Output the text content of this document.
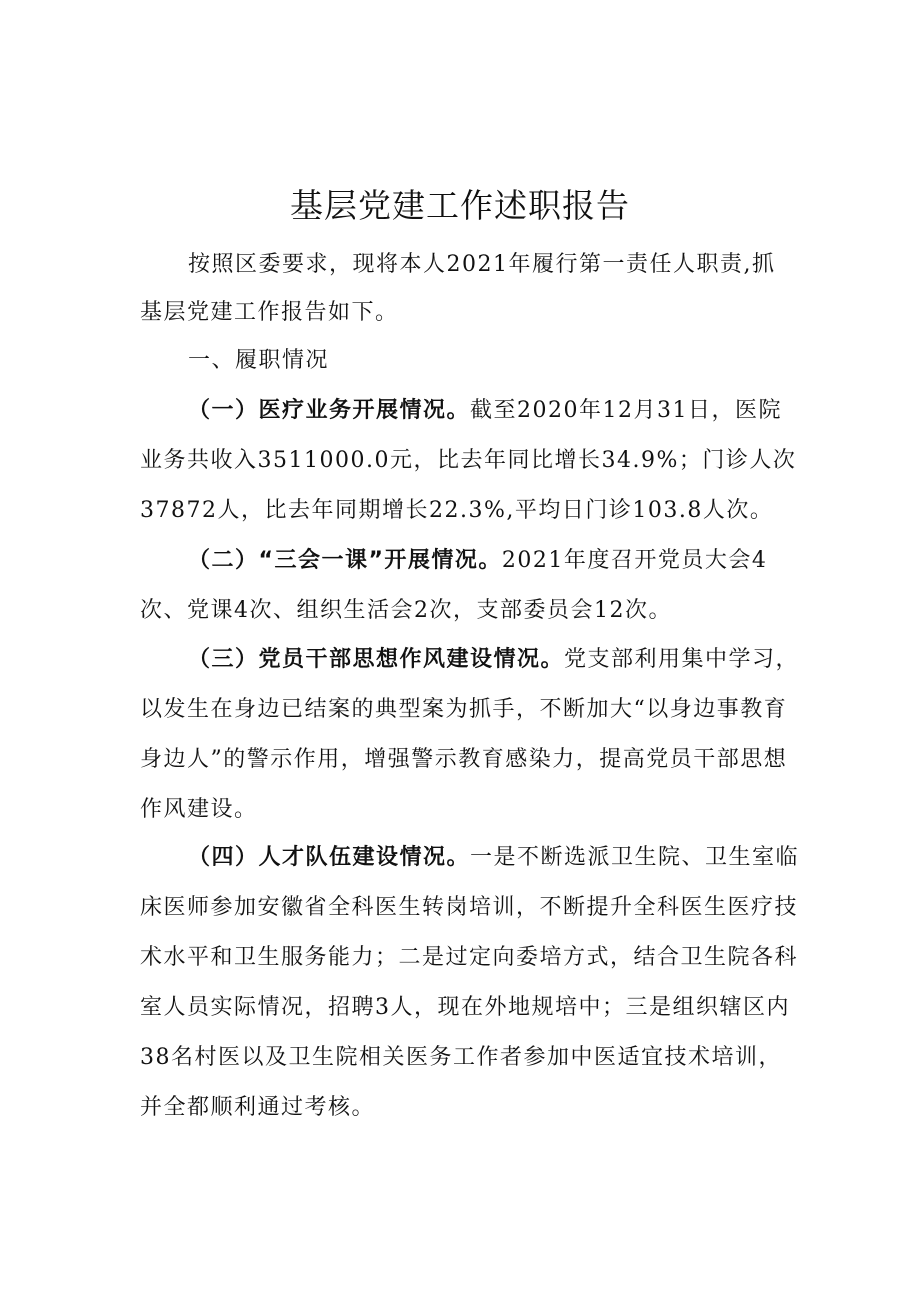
基层党建工作述职报告
按照区委要求，现将本人2021年履行第一责任人职责,抓
基层党建工作报告如下。
一、履职情况
（一）医疗业务开展情况。截至2020年12月31日，医院
业务共收入3511000.0元，比去年同比增长34.9%；门诊人次
37872人，比去年同期增长22.3%,平均日门诊103.8人次。
（二）“三会一课”开展情况。2021年度召开党员大会4
次、党课4次、组织生活会2次，支部委员会12次。
（三）党员干部思想作风建设情况。党支部利用集中学习，
以发生在身边已结案的典型案为抓手，不断加大“以身边事教育
身边人”的警示作用，增强警示教育感染力，提高党员干部思想
作风建设。
（四）人才队伍建设情况。一是不断选派卫生院、卫生室临
床医师参加安徽省全科医生转岗培训，不断提升全科医生医疗技
术水平和卫生服务能力；二是过定向委培方式，结合卫生院各科
室人员实际情况，招聘3人，现在外地规培中；三是组织辖区内
38名村医以及卫生院相关医务工作者参加中医适宜技术培训，
并全都顺利通过考核。
